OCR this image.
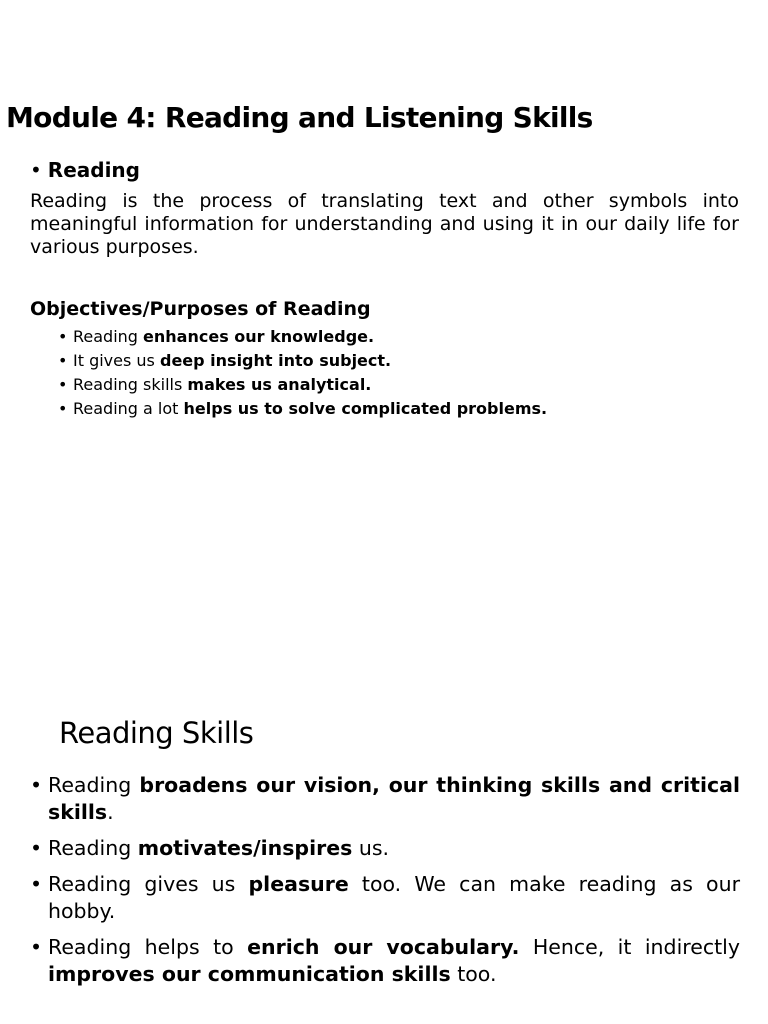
Module 4: Reading and Listening Skills
• Reading

Reading is the process of translating text and other symbols into meaningful information for understanding and using it in our daily life for various purposes.

Objectives/Purposes of Reading

• Reading enhances our knowledge.
• It gives us deep insight into subject.
• Reading skills makes us analytical.
• Reading a lot helps us to solve complicated problems.
Reading Skills
• Reading broadens our vision, our thinking skills and critical skills.
• Reading motivates/inspires us.
• Reading gives us pleasure too. We can make reading as our hobby.
• Reading helps to enrich our vocabulary. Hence, it indirectly improves our communication skills too.
